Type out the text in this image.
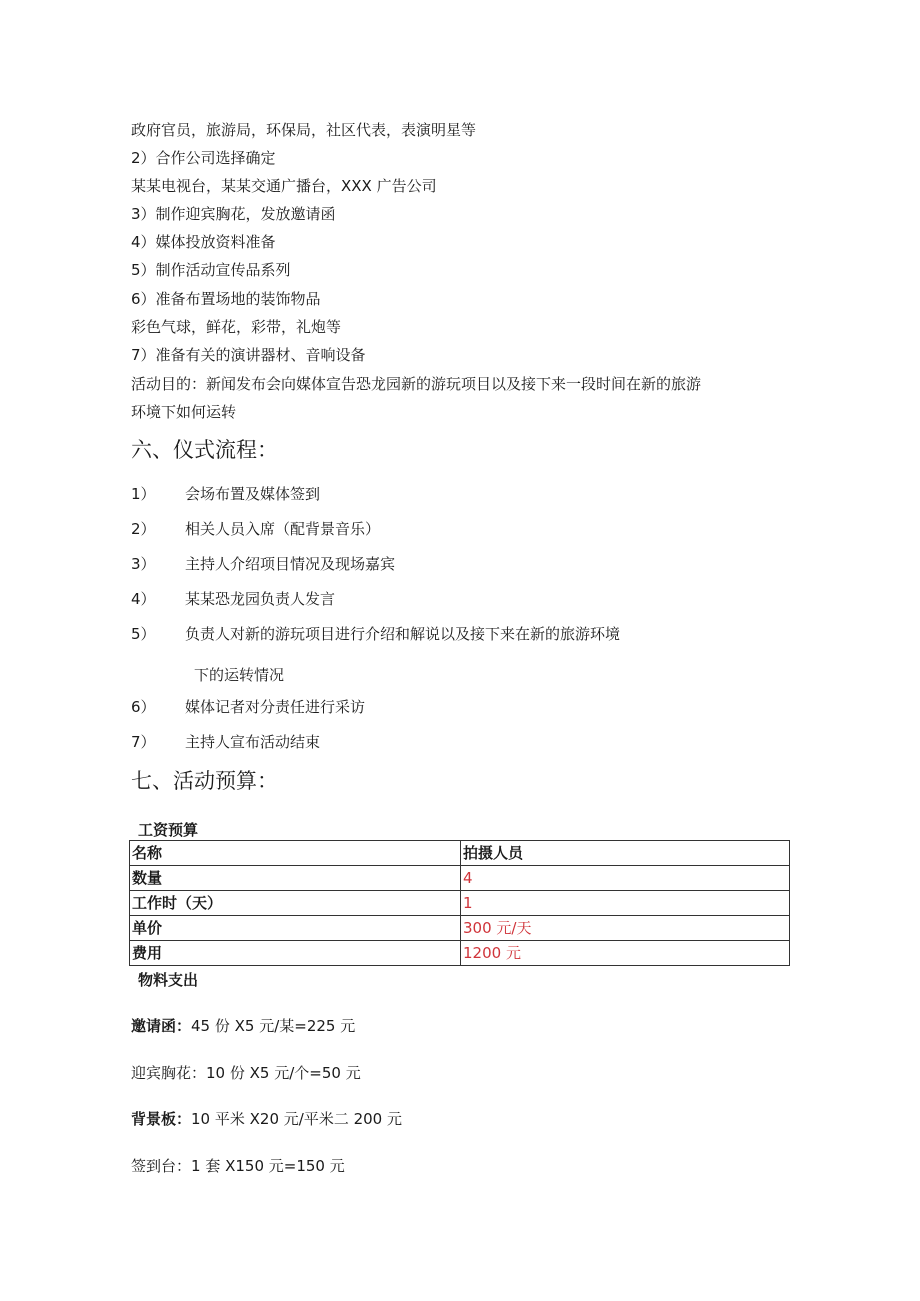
政府官员，旅游局，环保局，社区代表，表演明星等
2）合作公司选择确定
某某电视台，某某交通广播台，XXX 广告公司
3）制作迎宾胸花，发放邀请函
4）媒体投放资料准备
5）制作活动宣传品系列
6）准备布置场地的装饰物品
彩色气球，鲜花，彩带，礼炮等
7）准备有关的演讲器材、音响设备
活动目的：新闻发布会向媒体宣告恐龙园新的游玩项目以及接下来一段时间在新的旅游
环境下如何运转
六、仪式流程：
1）	会场布置及媒体签到
2）	相关人员入席（配背景音乐）
3）	主持人介绍项目情况及现场嘉宾
4）	某某恐龙园负责人发言
5）	负责人对新的游玩项目进行介绍和解说以及接下来在新的旅游环境
下的运转情况
6）	媒体记者对分责任进行采访
7）	主持人宣布活动结束
七、活动预算：
工资预算
名称	拍摄人员
数量	4
工作时（天）	1
单价	300 元/天
费用	1200 元
物料支出
邀请函：45 份 X5 元/某=225 元
迎宾胸花：10 份 X5 元/个=50 元
背景板：10 平米 X20 元/平米二 200 元
签到台：1 套 X150 元=150 元
